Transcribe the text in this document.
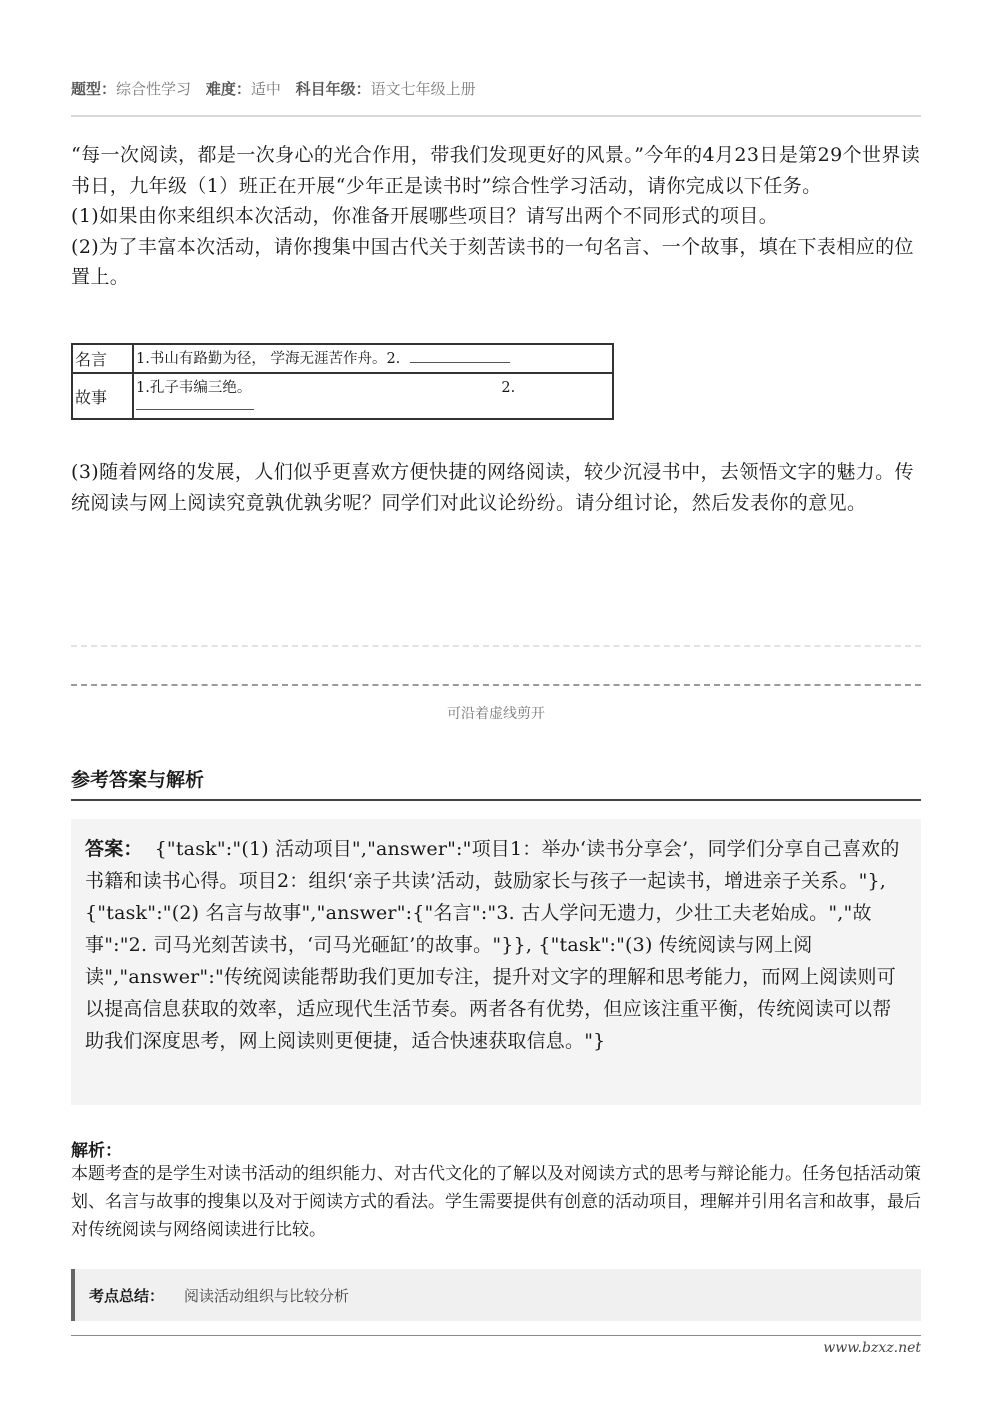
题型：综合性学习 难度：适中 科目年级：语文七年级上册

“每一次阅读，都是一次身心的光合作用，带我们发现更好的风景。”今年的4月23日是第29个世界读书日，九年级（1）班正在开展“少年正是读书时”综合性学习活动，请你完成以下任务。

(1)如果由你来组织本次活动，你准备开展哪些项目？请写出两个不同形式的项目。

(2)为了丰富本次活动，请你搜集中国古代关于刻苦读书的一句名言、一个故事，填在下表相应的位置上。

名言	1.书山有路勤为径， 学海无涯苦作舟。2.
故事	1.孔子韦编三绝。 2.

(3)随着网络的发展，人们似乎更喜欢方便快捷的网络阅读，较少沉浸书中，去领悟文字的魅力。传统阅读与网上阅读究竟孰优孰劣呢？同学们对此议论纷纷。请分组讨论，然后发表你的意见。
可沿着虚线剪开
参考答案与解析
答案： {"task":"(1) 活动项目","answer":"项目1：举办‘读书分享会’，同学们分享自己喜欢的书籍和读书心得。项目2：组织‘亲子共读’活动，鼓励家长与孩子一起读书，增进亲子关系。"}, {"task":"(2) 名言与故事","answer":{"名言":"3. 古人学问无遗力，少壮工夫老始成。","故事":"2. 司马光刻苦读书，‘司马光砸缸’的故事。"}}, {"task":"(3) 传统阅读与网上阅读","answer":"传统阅读能帮助我们更加专注，提升对文字的理解和思考能力，而网上阅读则可以提高信息获取的效率，适应现代生活节奏。两者各有优势，但应该注重平衡，传统阅读可以帮助我们深度思考，网上阅读则更便捷，适合快速获取信息。"}
解析：
本题考查的是学生对读书活动的组织能力、对古代文化的了解以及对阅读方式的思考与辩论能力。任务包括活动策划、名言与故事的搜集以及对于阅读方式的看法。学生需要提供有创意的活动项目，理解并引用名言和故事，最后对传统阅读与网络阅读进行比较。
考点总结： 阅读活动组织与比较分析
www.bzxz.net
